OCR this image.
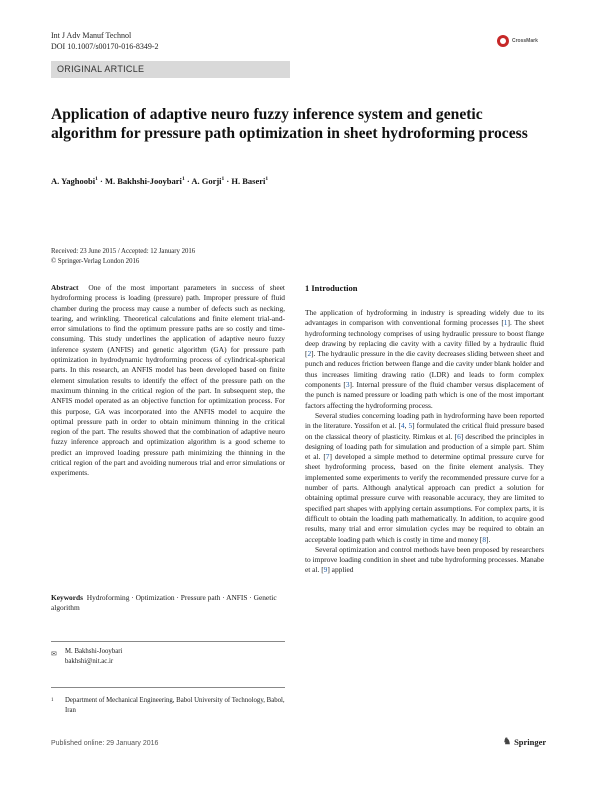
Int J Adv Manuf Technol
DOI 10.1007/s00170-016-8349-2
CrossMark
ORIGINAL ARTICLE
Application of adaptive neuro fuzzy inference system and genetic algorithm for pressure path optimization in sheet hydroforming process
A. Yaghoobi$^1$ · M. Bakhshi-Jooybari$^1$ · A. Gorji$^1$ · H. Baseri$^1$
Received: 23 June 2015 / Accepted: 12 January 2016
© Springer-Verlag London 2016

Abstract One of the most important parameters in success of sheet hydroforming process is loading (pressure) path. Improper pressure of fluid chamber during the process may cause a number of defects such as necking, tearing, and wrinkling. Theoretical calculations and finite element trial-and-error simulations to find the optimum pressure paths are so costly and time-consuming. This study underlines the application of adaptive neuro fuzzy inference system (ANFIS) and genetic algorithm (GA) for pressure path optimization in hydrodynamic hydroforming process of cylindrical-spherical parts. In this research, an ANFIS model has been developed based on finite element simulation results to identify the effect of the pressure path on the maximum thinning in the critical region of the part. In subsequent step, the ANFIS model operated as an objective function for optimization process. For this purpose, GA was incorporated into the ANFIS model to acquire the optimal pressure path in order to obtain minimum thinning in the critical region of the part. The results showed that the combination of adaptive neuro fuzzy inference approach and optimization algorithm is a good scheme to predict an improved loading pressure path minimizing the thinning in the critical region of the part and avoiding numerous trial and error simulations or experiments.

Keywords Hydroforming · Optimization · Pressure path · ANFIS · Genetic algorithm

✉ M. Bakhshi-Jooybari
bakhshi@nit.ac.ir
1 Department of Mechanical Engineering, Babol University of Technology, Babol, Iran
1 Introduction

The application of hydroforming in industry is spreading widely due to its advantages in comparison with conventional forming processes [1]. The sheet hydroforming technology comprises of using hydraulic pressure to boost flange deep drawing by replacing die cavity with a cavity filled by a hydraulic fluid [2]. The hydraulic pressure in the die cavity decreases sliding between sheet and punch and reduces friction between flange and die cavity under blank holder and thus increases limiting drawing ratio (LDR) and leads to form complex components [3]. Internal pressure of the fluid chamber versus displacement of the punch is named pressure or loading path which is one of the most important factors affecting the hydroforming process.

Several studies concerning loading path in hydroforming have been reported in the literature. Yossifon et al. [4, 5] formulated the critical fluid pressure based on the classical theory of plasticity. Rimkus et al. [6] described the principles in designing of loading path for simulation and production of a simple part. Shim et al. [7] developed a simple method to determine optimal pressure curve for sheet hydroforming process, based on the finite element analysis. They implemented some experiments to verify the recommended pressure curve for a number of parts. Although analytical approach can predict a solution for obtaining optimal pressure curve with reasonable accuracy, they are limited to specified part shapes with applying certain assumptions. For complex parts, it is difficult to obtain the loading path mathematically. In addition, to acquire good results, many trial and error simulation cycles may be required to obtain an acceptable loading path which is costly in time and money [8].

Several optimization and control methods have been proposed by researchers to improve loading condition in sheet and tube hydroforming processes. Manabe et al. [9] applied

Published online: 29 January 2016	♞ Springer
